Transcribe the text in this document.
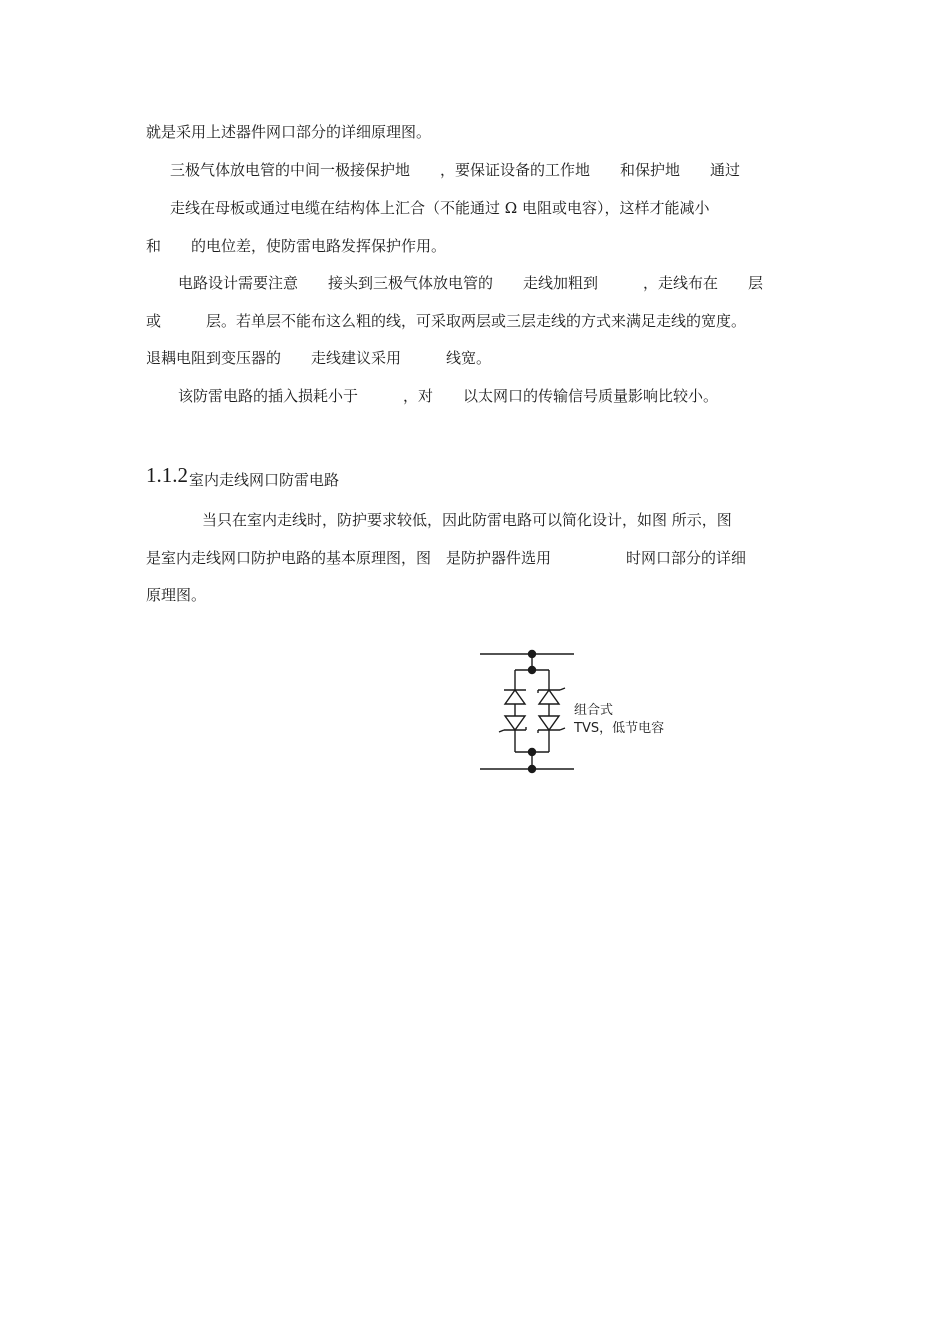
就是采用上述器件网口部分的详细原理图。

三极气体放电管的中间一极接保护地　　，要保证设备的工作地　　和保护地　　通过

走线在母板或通过电缆在结构体上汇合（不能通过 Ω 电阻或电容），这样才能减小

和　　的电位差，使防雷电路发挥保护作用。

电路设计需要注意　　接头到三极气体放电管的　　走线加粗到　　　，走线布在　　层

或　　　层。若单层不能布这么粗的线，可采取两层或三层走线的方式来满足走线的宽度。

退耦电阻到变压器的　　走线建议采用　　　线宽。

该防雷电路的插入损耗小于　　　，对　　以太网口的传输信号质量影响比较小。

1.1.2 室内走线网口防雷电路

当只在室内走线时，防护要求较低，因此防雷电路可以简化设计，如图 所示，图

是室内走线网口防护电路的基本原理图，图　是防护器件选用　　　　　时网口部分的详细

原理图。

组合式
TVS，低节电容
